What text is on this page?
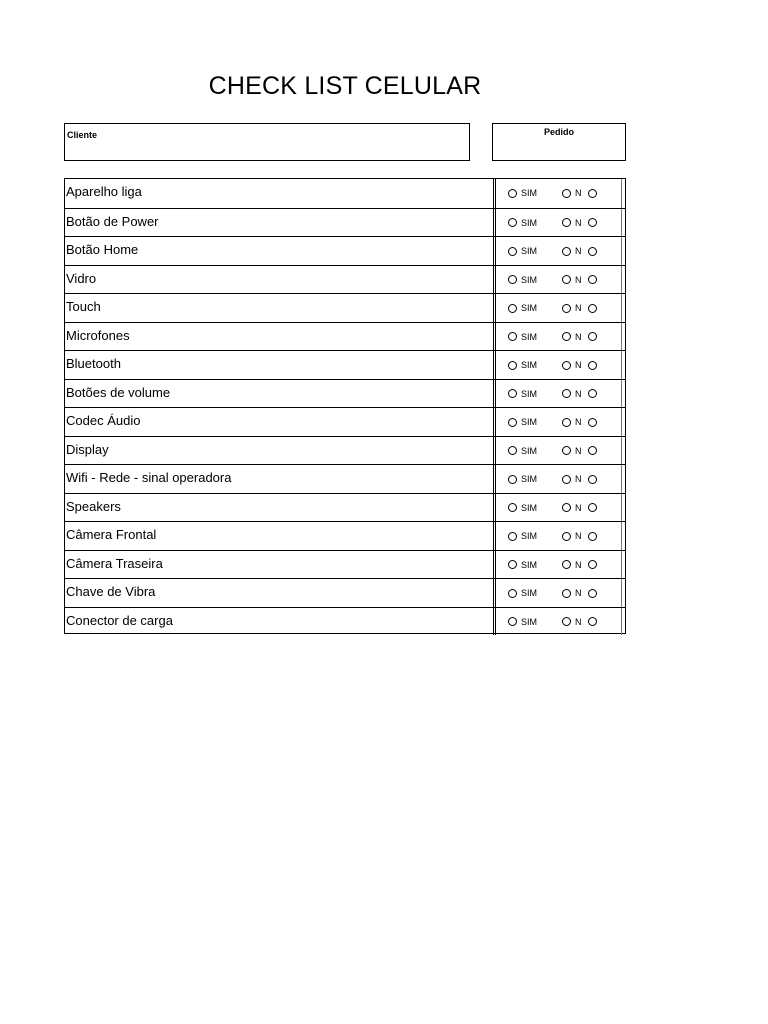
CHECK LIST CELULAR
Cliente	Pedido
Aparelho liga	SIM	N
Botão de Power	SIM	N
Botão Home	SIM	N
Vidro	SIM	N
Touch	SIM	N
Microfones	SIM	N
Bluetooth	SIM	N
Botões de volume	SIM	N
Codec Áudio	SIM	N
Display	SIM	N
Wifi - Rede - sinal operadora	SIM	N
Speakers	SIM	N
Câmera Frontal	SIM	N
Câmera Traseira	SIM	N
Chave de Vibra	SIM	N
Conector de carga	SIM	N
